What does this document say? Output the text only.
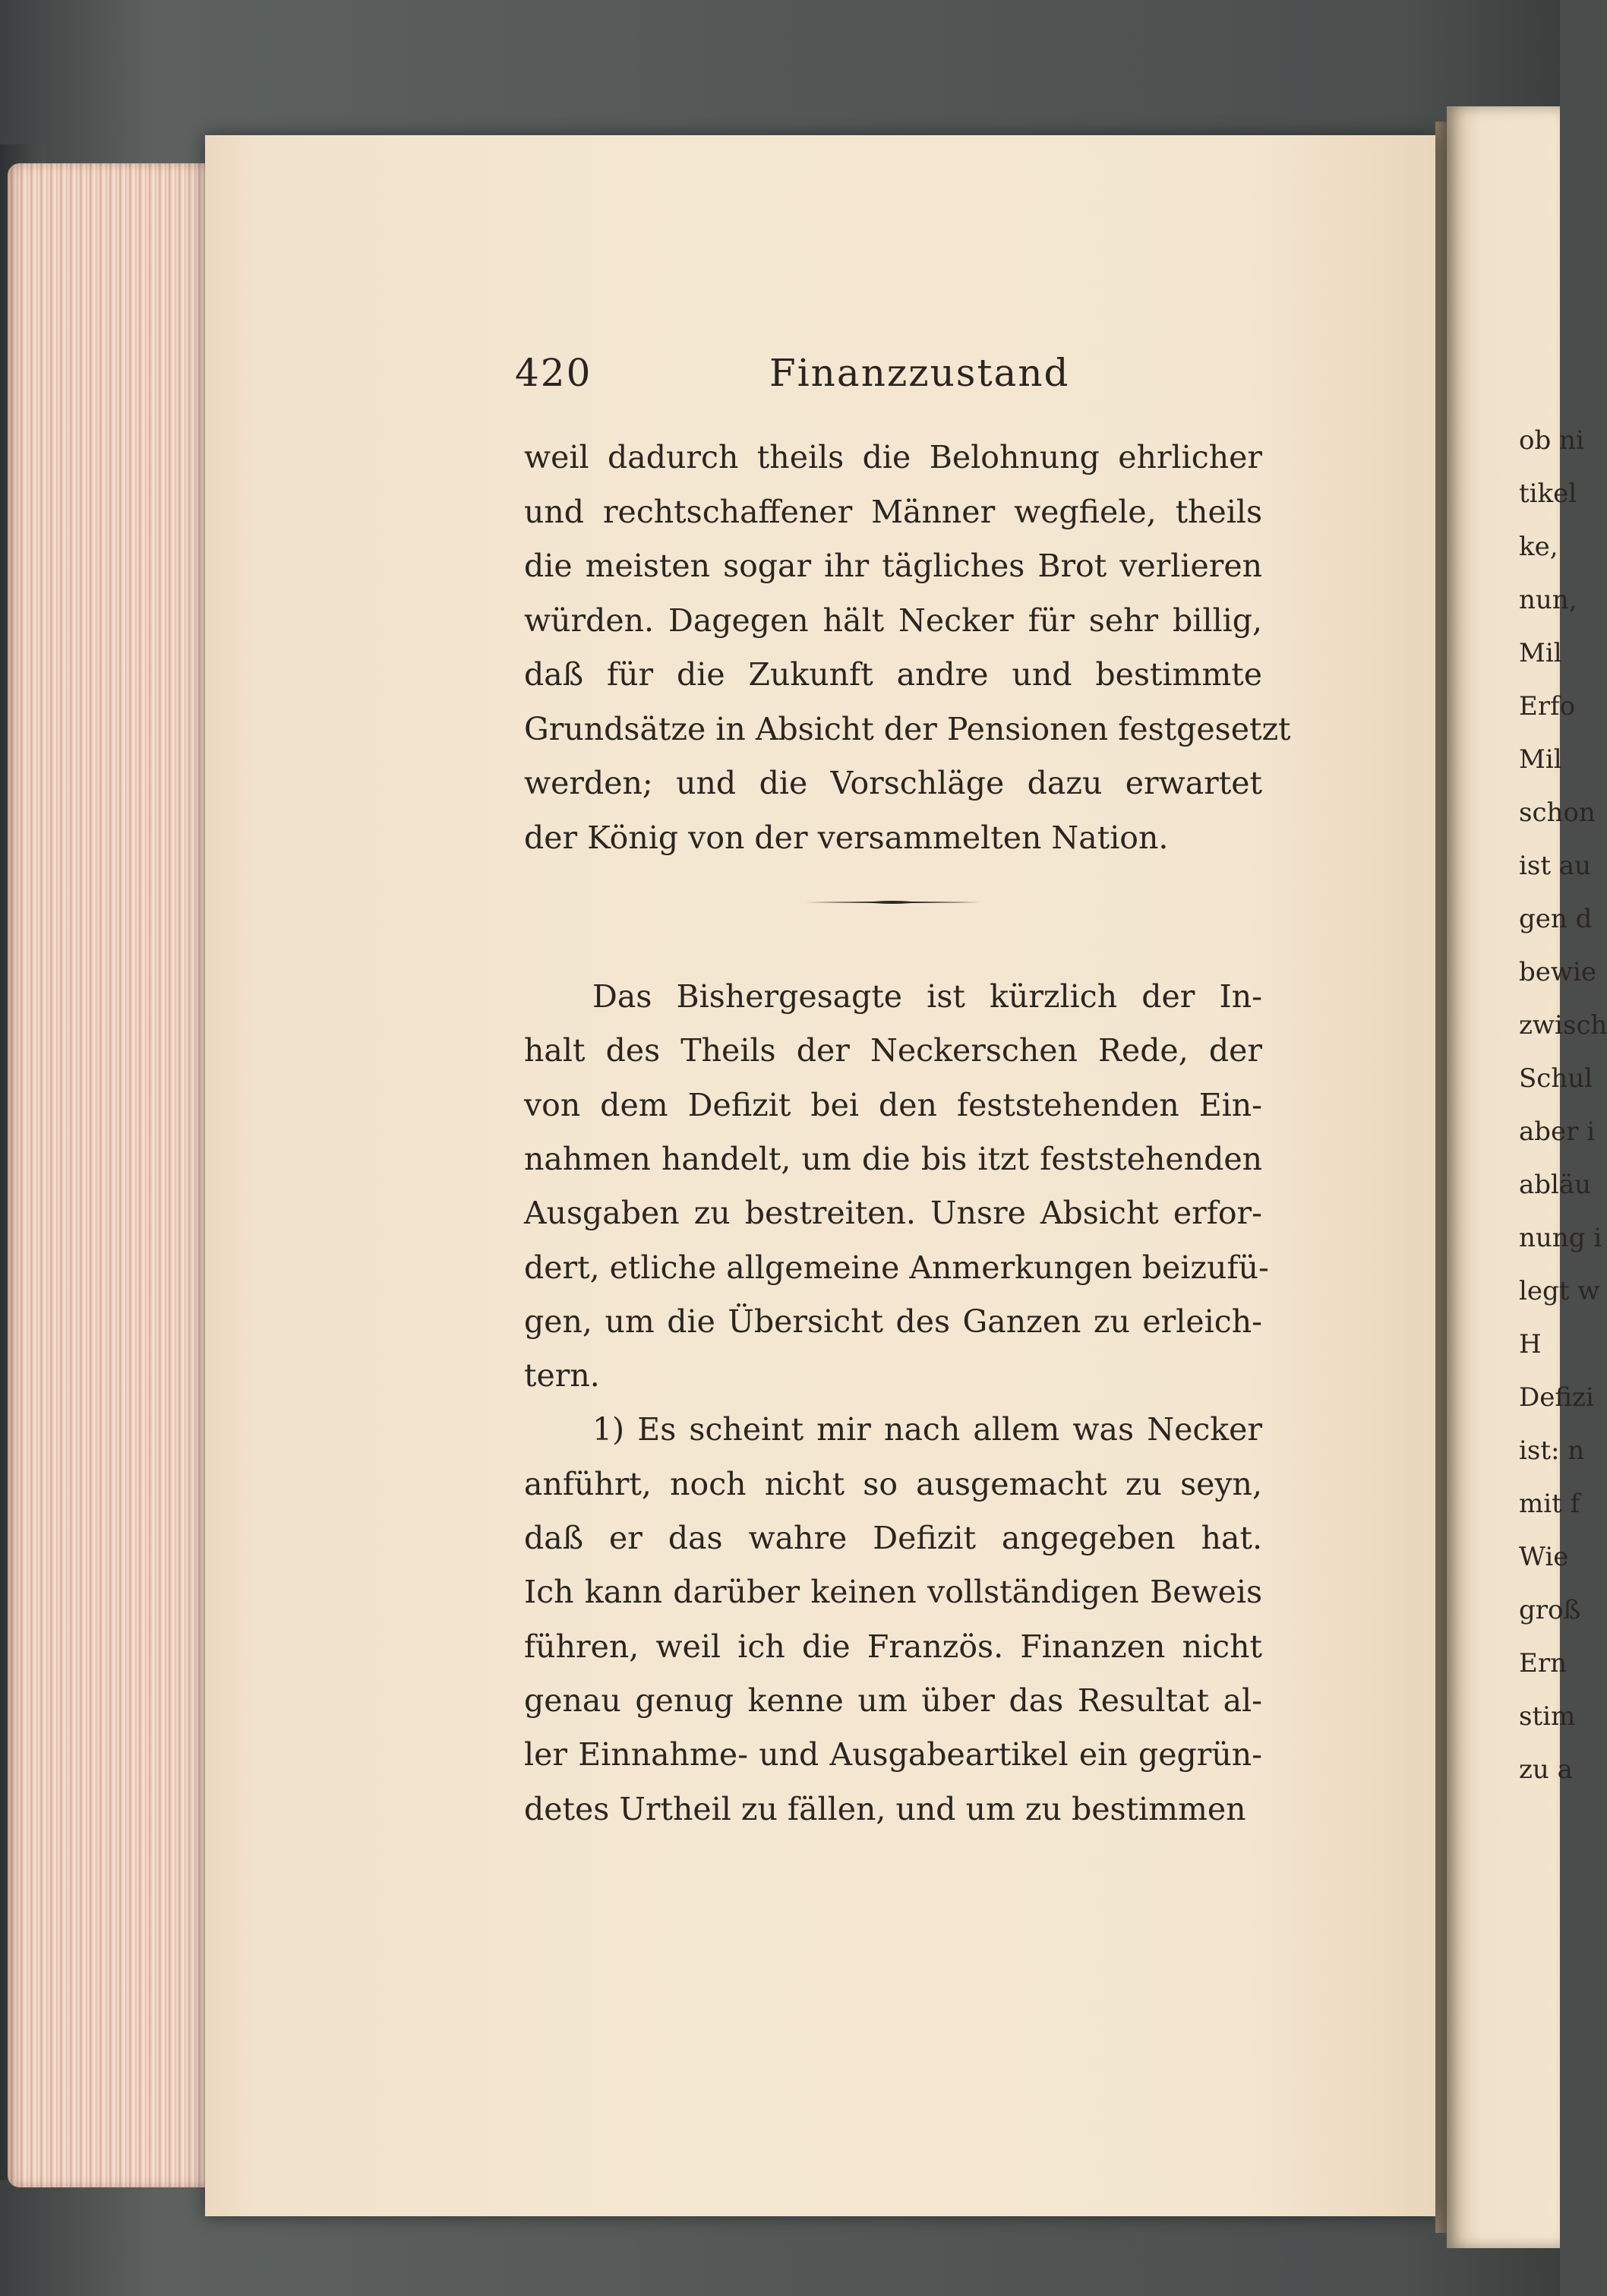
ob ni
tikel
ke,
nun,
Mil
Erfo
Mil
schon
ist au
gen d
bewie
zwisch
Schul
aber i
abläu
nung i
legt w
H
Defizi
ist: n
mit f
Wie
groß
Ern
stim
zu a
420	Finanzzustand
weil dadurch theils die Belohnung ehrlicher
und rechtschaffener Männer wegfiele, theils
die meisten sogar ihr tägliches Brot verlieren
würden. Dagegen hält Necker für sehr billig,
daß für die Zukunft andre und bestimmte
Grundsätze in Absicht der Pensionen festgesetzt
werden; und die Vorschläge dazu erwartet
der König von der versammelten Nation.
Das Bishergesagte ist kürzlich der In-
halt des Theils der Neckerschen Rede, der
von dem Defizit bei den feststehenden Ein-
nahmen handelt, um die bis itzt feststehenden
Ausgaben zu bestreiten. Unsre Absicht erfor-
dert, etliche allgemeine Anmerkungen beizufü-
gen, um die Übersicht des Ganzen zu erleich-
tern.
1) Es scheint mir nach allem was Necker
anführt, noch nicht so ausgemacht zu seyn,
daß er das wahre Defizit angegeben hat.
Ich kann darüber keinen vollständigen Beweis
führen, weil ich die Französ. Finanzen nicht
genau genug kenne um über das Resultat al-
ler Einnahme- und Ausgabeartikel ein gegrün-
detes Urtheil zu fällen, und um zu bestimmen
